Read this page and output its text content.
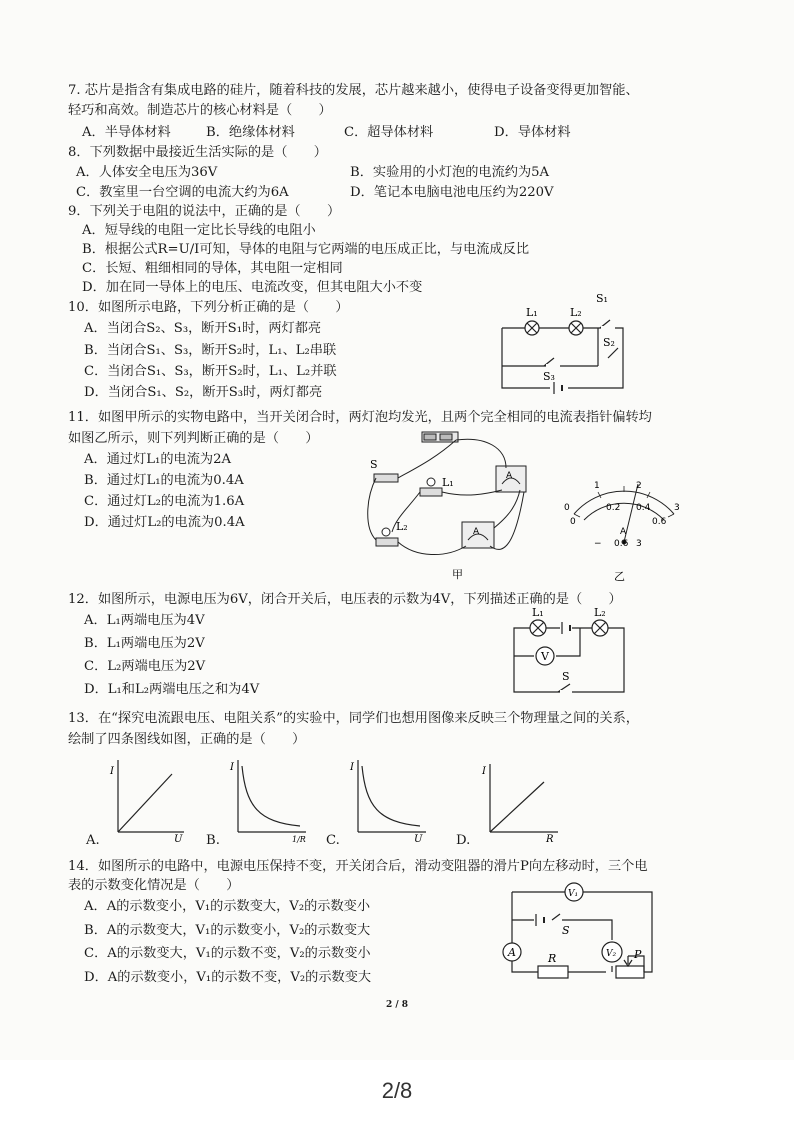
7. 芯片是指含有集成电路的硅片，随着科技的发展，芯片越来越小，使得电子设备变得更加智能、
轻巧和高效。制造芯片的核心材料是（　　）
A．半导体材料	B．绝缘体材料	C．超导体材料	D．导体材料
8．下列数据中最接近生活实际的是（　　）
A．人体安全电压为36V	B．实验用的小灯泡的电流约为5A
C．教室里一台空调的电流大约为6A	D．笔记本电脑电池电压约为220V
9．下列关于电阻的说法中，正确的是（　　）
A．短导线的电阻一定比长导线的电阻小
B．根据公式R=U/I可知，导体的电阻与它两端的电压成正比，与电流成反比
C．长短、粗细相同的导体，其电阻一定相同
D．加在同一导体上的电压、电流改变，但其电阻大小不变
10．如图所示电路，下列分析正确的是（　　）
A．当闭合S₂、S₃，断开S₁时，两灯都亮
B．当闭合S₁、S₃，断开S₂时，L₁、L₂串联
C．当闭合S₁、S₃，断开S₂时，L₁、L₂并联
D．当闭合S₁、S₂，断开S₃时，两灯都亮
L₁	L₂
S₁
S₂
S₃
11．如图甲所示的实物电路中，当开关闭合时，两灯泡均发光，且两个完全相同的电流表指针偏转均
如图乙所示，则下列判断正确的是（　　）
A．通过灯L₁的电流为2A
B．通过灯L₁的电流为0.4A
C．通过灯L₂的电流为1.6A
D．通过灯L₂的电流为0.4A
S
L₁
L₂
A
A
甲
0
1	2
3
0
0.2 0.4
0.6
A
− 0.6 3
乙
12．如图所示，电源电压为6V，闭合开关后，电压表的示数为4V，下列描述正确的是（　　）
A．L₁两端电压为4V
B．L₁两端电压为2V
C．L₂两端电压为2V
D．L₁和L₂两端电压之和为4V
L₁	L₂
V
S
13．在“探究电流跟电压、电阻关系”的实验中，同学们也想用图像来反映三个物理量之间的关系，
绘制了四条图线如图，正确的是（　　）
A.
I
U B.
I
1/R C.
I
U	D.
I
R
14．如图所示的电路中，电源电压保持不变，开关闭合后，滑动变阻器的滑片P向左移动时，三个电
表的示数变化情况是（　　）
A．A的示数变小，V₁的示数变大，V₂的示数变小
B．A的示数变大，V₁的示数变小，V₂的示数变大
C．A的示数变大，V₁的示数不变，V₂的示数变小
D．A的示数变小，V₁的示数不变，V₂的示数变大
V₁
A	V₂
S
R	P
2 / 8
2/8
